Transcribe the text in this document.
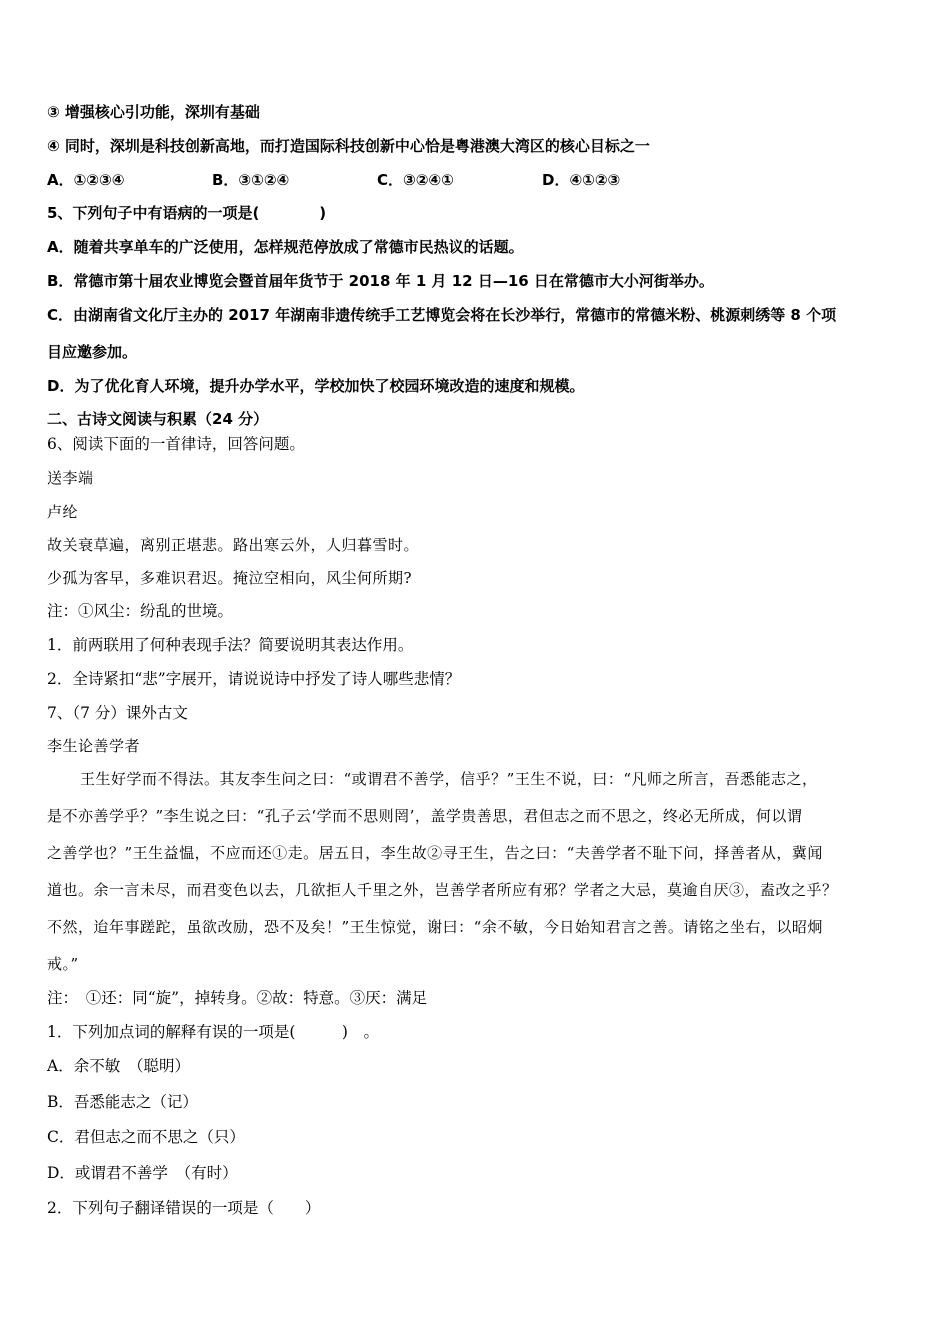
③ 增强核心引功能，深圳有基础
④ 同时，深圳是科技创新高地，而打造国际科技创新中心恰是粤港澳大湾区的核心目标之一
A．①②③④	B．③①②④	C．③②④①	D．④①②③
5、下列句子中有语病的一项是(　　　　)
A．随着共享单车的广泛使用，怎样规范停放成了常德市民热议的话题。
B．常德市第十届农业博览会暨首届年货节于 2018 年 1 月 12 日—16 日在常德市大小河街举办。
C．由湖南省文化厅主办的 2017 年湖南非遗传统手工艺博览会将在长沙举行，常德市的常德米粉、桃源刺绣等 8 个项
目应邀参加。
D．为了优化育人环境，提升办学水平，学校加快了校园环境改造的速度和规模。
二、古诗文阅读与积累（24 分）
6、阅读下面的一首律诗，回答问题。
送李端
卢纶
故关衰草遍，离别正堪悲。路出寒云外，人归暮雪时。
少孤为客早，多难识君迟。掩泣空相向，风尘何所期?
注：①风尘：纷乱的世境。
1．前两联用了何种表现手法？简要说明其表达作用。
2．全诗紧扣“悲”字展开，请说说诗中抒发了诗人哪些悲情？
7、（7 分）课外古文
李生论善学者
王生好学而不得法。其友李生问之曰：“或谓君不善学，信乎？”王生不说，曰：“凡师之所言，吾悉能志之，
是不亦善学乎？”李生说之曰：“孔子云‘学而不思则罔’，盖学贵善思，君但志之而不思之，终必无所成，何以谓
之善学也？”王生益愠，不应而还①走。居五日，李生故②寻王生，告之曰：“夫善学者不耻下问，择善者从，冀闻
道也。余一言未尽，而君变色以去，几欲拒人千里之外，岂善学者所应有邪？学者之大忌，莫逾自厌③，盍改之乎？
不然，迨年事蹉跎，虽欲改励，恐不及矣！”王生惊觉，谢曰：“余不敏，今日始知君言之善。请铭之坐右，以昭炯
戒。”
注：　①还：同“旋”，掉转身。②故：特意。③厌：满足
1．下列加点词的解释有误的一项是(　　　)　。
A．余不敏　（聪明）
B．吾悉能志之（记）
C．君但志之而不思之（只）
D．或谓君不善学　（有时）
2．下列句子翻译错误的一项是（　　）
